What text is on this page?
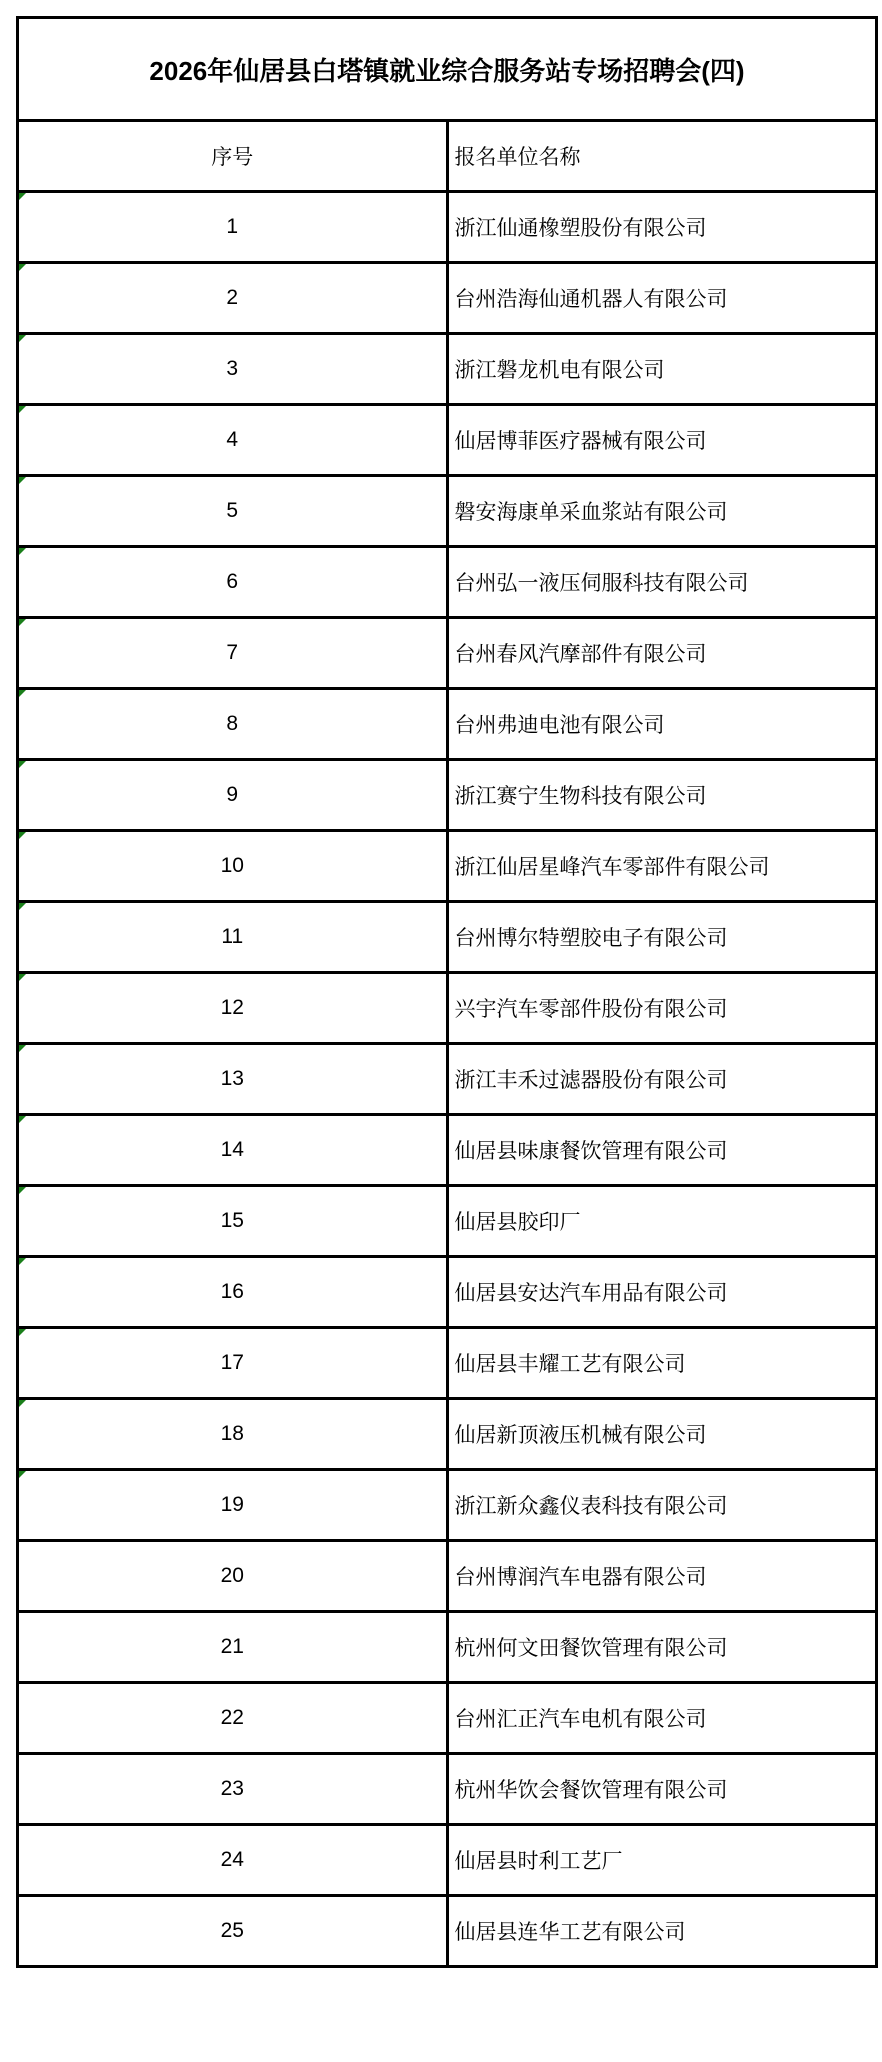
2026年仙居县白塔镇就业综合服务站专场招聘会(四)	
序号	报名单位名称

1	浙江仙通橡塑股份有限公司

2	台州浩海仙通机器人有限公司

3	浙江磐龙机电有限公司

4	仙居博菲医疗器械有限公司

5	磐安海康单采血浆站有限公司

6	台州弘一液压伺服科技有限公司

7	台州春风汽摩部件有限公司

8	台州弗迪电池有限公司

9	浙江赛宁生物科技有限公司

10	浙江仙居星峰汽车零部件有限公司

11	台州博尔特塑胶电子有限公司

12	兴宇汽车零部件股份有限公司

13	浙江丰禾过滤器股份有限公司

14	仙居县味康餐饮管理有限公司

15	仙居县胶印厂

16	仙居县安达汽车用品有限公司

17	仙居县丰耀工艺有限公司

18	仙居新顶液压机械有限公司

19	浙江新众鑫仪表科技有限公司
20	台州博润汽车电器有限公司
21	杭州何文田餐饮管理有限公司
22	台州汇正汽车电机有限公司
23	杭州华饮会餐饮管理有限公司
24	仙居县时利工艺厂
25	仙居县连华工艺有限公司
